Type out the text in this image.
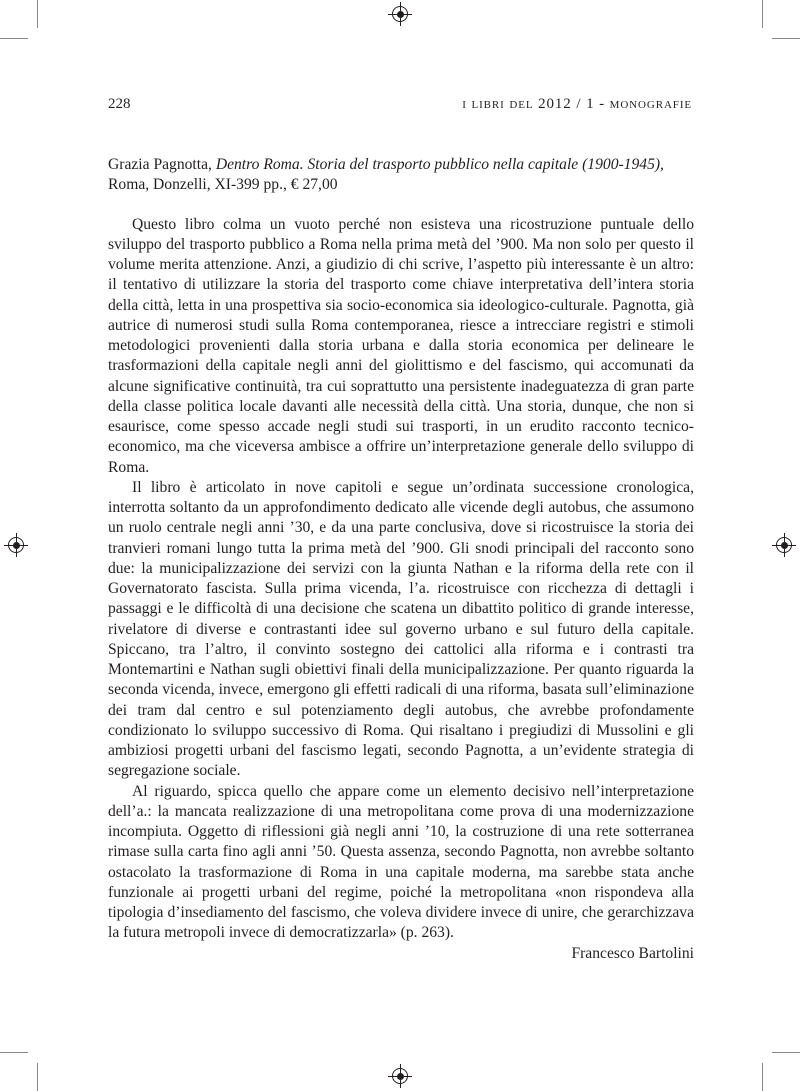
228	i libri del 2012 / 1 - monografie

Grazia Pagnotta, Dentro Roma. Storia del trasporto pubblico nella capitale (1900-1945),
Roma, Donzelli, XI-399 pp., € 27,00

Questo libro colma un vuoto perché non esisteva una ricostruzione puntuale dello sviluppo del trasporto pubblico a Roma nella prima metà del ’900. Ma non solo per questo il volume merita attenzione. Anzi, a giudizio di chi scrive, l’aspetto più interessante è un altro: il tentativo di utilizzare la storia del trasporto come chiave interpretativa dell’intera storia della città, letta in una prospettiva sia socio-economica sia ideologico-culturale. Pagnotta, già autrice di numerosi studi sulla Roma contemporanea, riesce a intrecciare registri e stimoli metodologici provenienti dalla storia urbana e dalla storia economica per delineare le trasformazioni della capitale negli anni del giolittismo e del fascismo, qui accomunati da alcune significative continuità, tra cui soprattutto una persistente inadeguatezza di gran parte della classe politica locale davanti alle necessità della città. Una storia, dunque, che non si esaurisce, come spesso accade negli studi sui trasporti, in un erudito racconto tecnico-economico, ma che viceversa ambisce a offrire un’interpretazione generale dello sviluppo di Roma.

Il libro è articolato in nove capitoli e segue un’ordinata successione cronologica, interrotta soltanto da un approfondimento dedicato alle vicende degli autobus, che assumono un ruolo centrale negli anni ’30, e da una parte conclusiva, dove si ricostruisce la storia dei tranvieri romani lungo tutta la prima metà del ’900. Gli snodi principali del racconto sono due: la municipalizzazione dei servizi con la giunta Nathan e la riforma della rete con il Governatorato fascista. Sulla prima vicenda, l’a. ricostruisce con ricchezza di dettagli i passaggi e le difficoltà di una decisione che scatena un dibattito politico di grande interesse, rivelatore di diverse e contrastanti idee sul governo urbano e sul futuro della capitale. Spiccano, tra l’altro, il convinto sostegno dei cattolici alla riforma e i contrasti tra Montemartini e Nathan sugli obiettivi finali della municipalizzazione. Per quanto riguarda la seconda vicenda, invece, emergono gli effetti radicali di una riforma, basata sull’eliminazione dei tram dal centro e sul potenziamento degli autobus, che avrebbe profondamente condizionato lo sviluppo successivo di Roma. Qui risaltano i pregiudizi di Mussolini e gli ambiziosi progetti urbani del fascismo legati, secondo Pagnotta, a un’evidente strategia di segregazione sociale.

Al riguardo, spicca quello che appare come un elemento decisivo nell’interpretazione dell’a.: la mancata realizzazione di una metropolitana come prova di una modernizzazione incompiuta. Oggetto di riflessioni già negli anni ’10, la costruzione di una rete sotterranea rimase sulla carta fino agli anni ’50. Questa assenza, secondo Pagnotta, non avrebbe soltanto ostacolato la trasformazione di Roma in una capitale moderna, ma sarebbe stata anche funzionale ai progetti urbani del regime, poiché la metropolitana «non rispondeva alla tipologia d’insediamento del fascismo, che voleva dividere invece di unire, che gerarchizzava la futura metropoli invece di democratizzarla» (p. 263).

Francesco Bartolini
